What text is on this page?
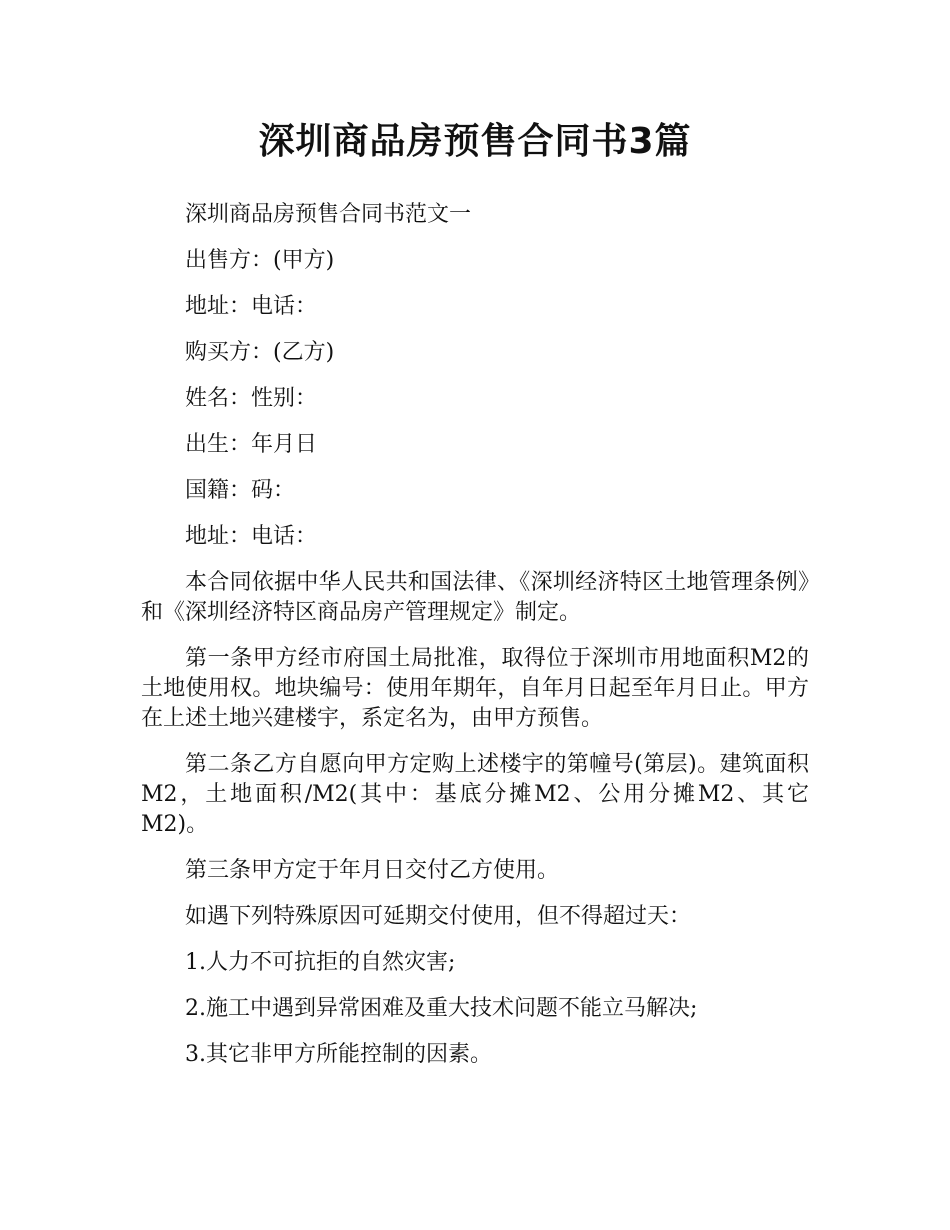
深圳商品房预售合同书3篇

深圳商品房预售合同书范文一

出售方：(甲方)

地址：电话：

购买方：(乙方)

姓名：性别：

出生：年月日

国籍：码：

地址：电话：

本合同依据中华人民共和国法律、《深圳经济特区土地管理条例》和《深圳经济特区商品房产管理规定》制定。

第一条甲方经市府国土局批准，取得位于深圳市用地面积M2的土地使用权。地块编号：使用年期年，自年月日起至年月日止。甲方在上述土地兴建楼宇，系定名为，由甲方预售。

第二条乙方自愿向甲方定购上述楼宇的第幢号(第层)。建筑面积M2，土地面积/M2(其中：基底分摊M2、公用分摊M2、其它M2)。

第三条甲方定于年月日交付乙方使用。

如遇下列特殊原因可延期交付使用，但不得超过天：

1.人力不可抗拒的自然灾害;

2.施工中遇到异常困难及重大技术问题不能立马解决;

3.其它非甲方所能控制的因素。
